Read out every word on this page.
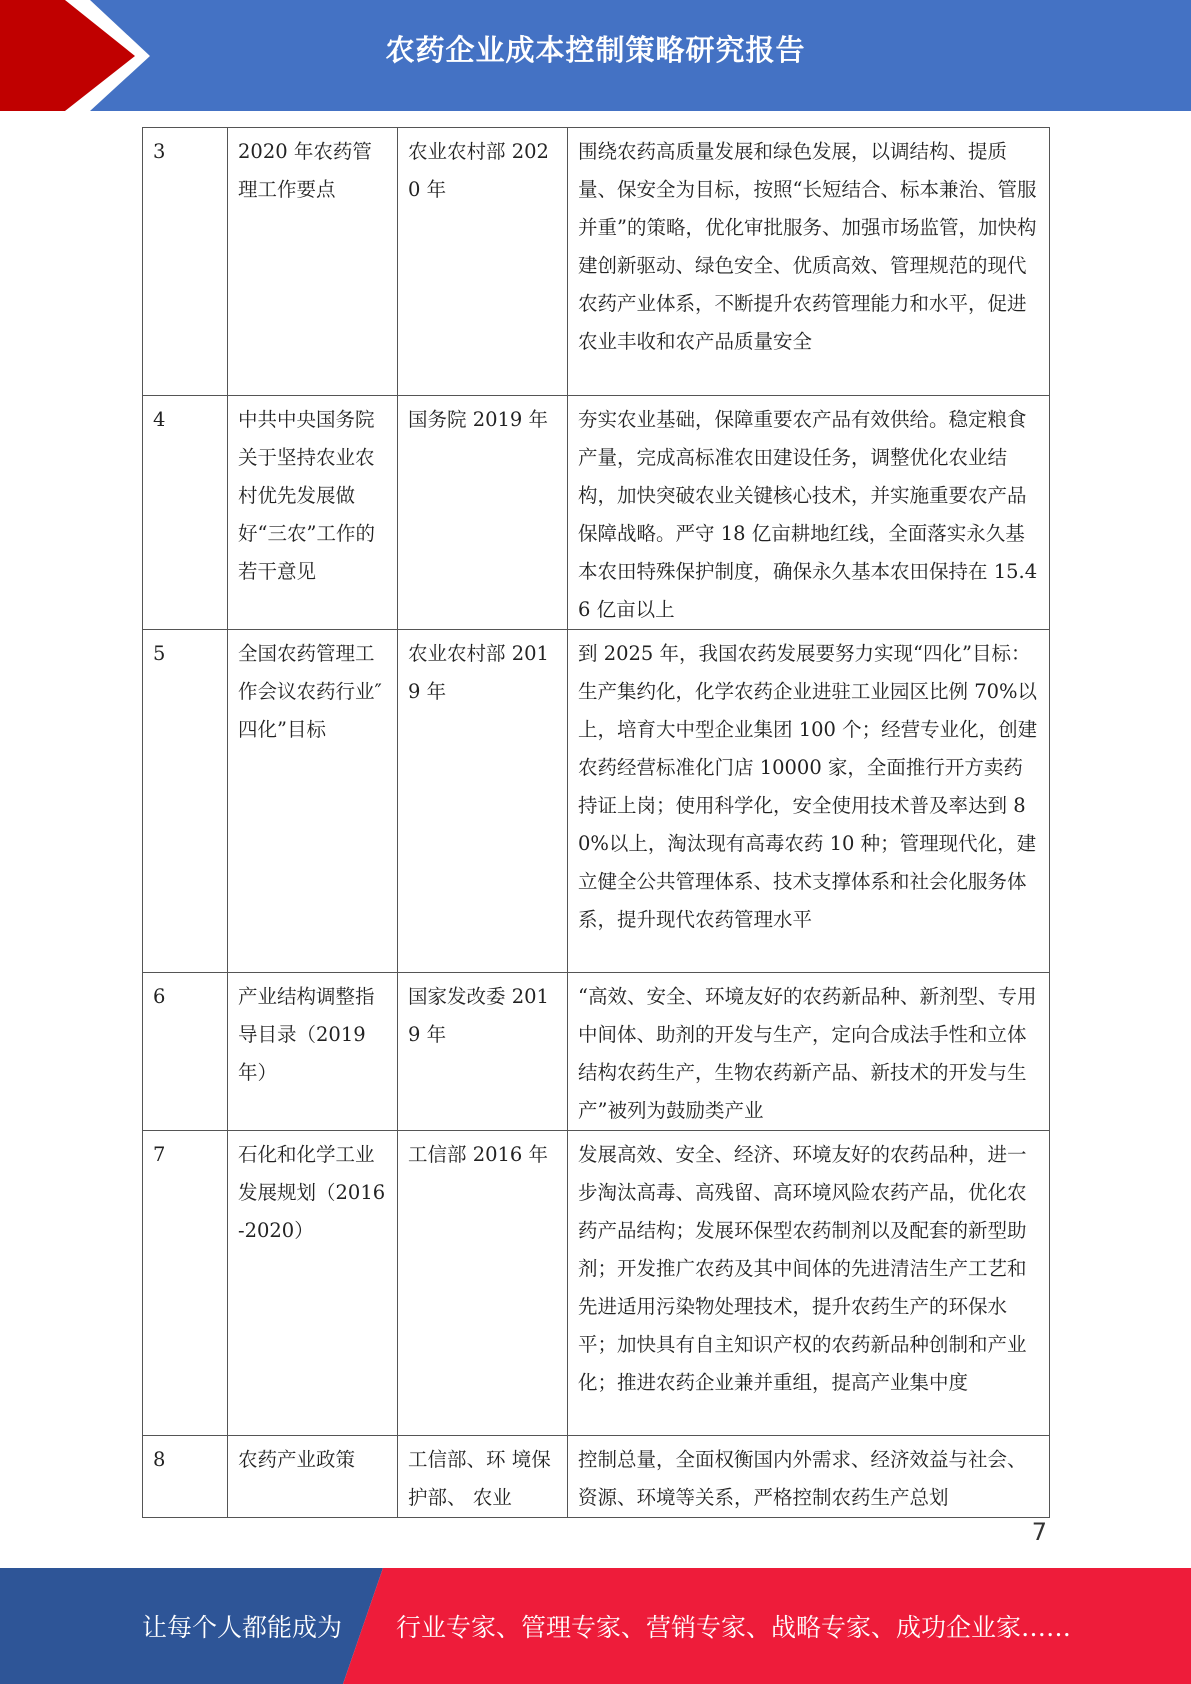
农药企业成本控制策略研究报告
3	2020 年农药管理工作要点	农业农村部 2020 年	围绕农药高质量发展和绿色发展，以调结构、提质量、保安全为目标，按照“长短结合、标本兼治、管服并重”的策略，优化审批服务、加强市场监管，加快构建创新驱动、绿色安全、优质高效、管理规范的现代农药产业体系，不断提升农药管理能力和水平，促进农业丰收和农产品质量安全
4	中共中央国务院关于坚持农业农村优先发展做好“三农”工作的若干意见	国务院 2019 年	夯实农业基础，保障重要农产品有效供给。稳定粮食产量，完成高标准农田建设任务，调整优化农业结构，加快突破农业关键核心技术，并实施重要农产品保障战略。严守 18 亿亩耕地红线，全面落实永久基本农田特殊保护制度，确保永久基本农田保持在 15.46 亿亩以上
5	全国农药管理工作会议农药行业″四化”目标	农业农村部 2019 年	到 2025 年，我国农药发展要努力实现“四化”目标：生产集约化，化学农药企业进驻工业园区比例 70%以上，培育大中型企业集团 100 个；经营专业化，创建农药经营标准化门店 10000 家，全面推行开方卖药持证上岗；使用科学化，安全使用技术普及率达到 80%以上，淘汰现有高毒农药 10 种；管理现代化，建立健全公共管理体系、技术支撑体系和社会化服务体系，提升现代农药管理水平
6	产业结构调整指导目录（2019 年）	国家发改委 2019 年	“高效、安全、环境友好的农药新品种、新剂型、专用中间体、助剂的开发与生产，定向合成法手性和立体结构农药生产，生物农药新产品、新技术的开发与生产”被列为鼓励类产业
7	石化和化学工业发展规划（2016-2020）	工信部 2016 年	发展高效、安全、经济、环境友好的农药品种，进一步淘汰高毒、高残留、高环境风险农药产品，优化农药产品结构；发展环保型农药制剂以及配套的新型助剂；开发推广农药及其中间体的先进清洁生产工艺和先进适用污染物处理技术，提升农药生产的环保水平；加快具有自主知识产权的农药新品种创制和产业化；推进农药企业兼并重组，提高产业集中度
8	农药产业政策	工信部、环 境保护部、 农业	控制总量，全面权衡国内外需求、经济效益与社会、资源、环境等关系，严格控制农药生产总划
7
让每个人都能成为 行业专家、管理专家、营销专家、战略专家、成功企业家……
